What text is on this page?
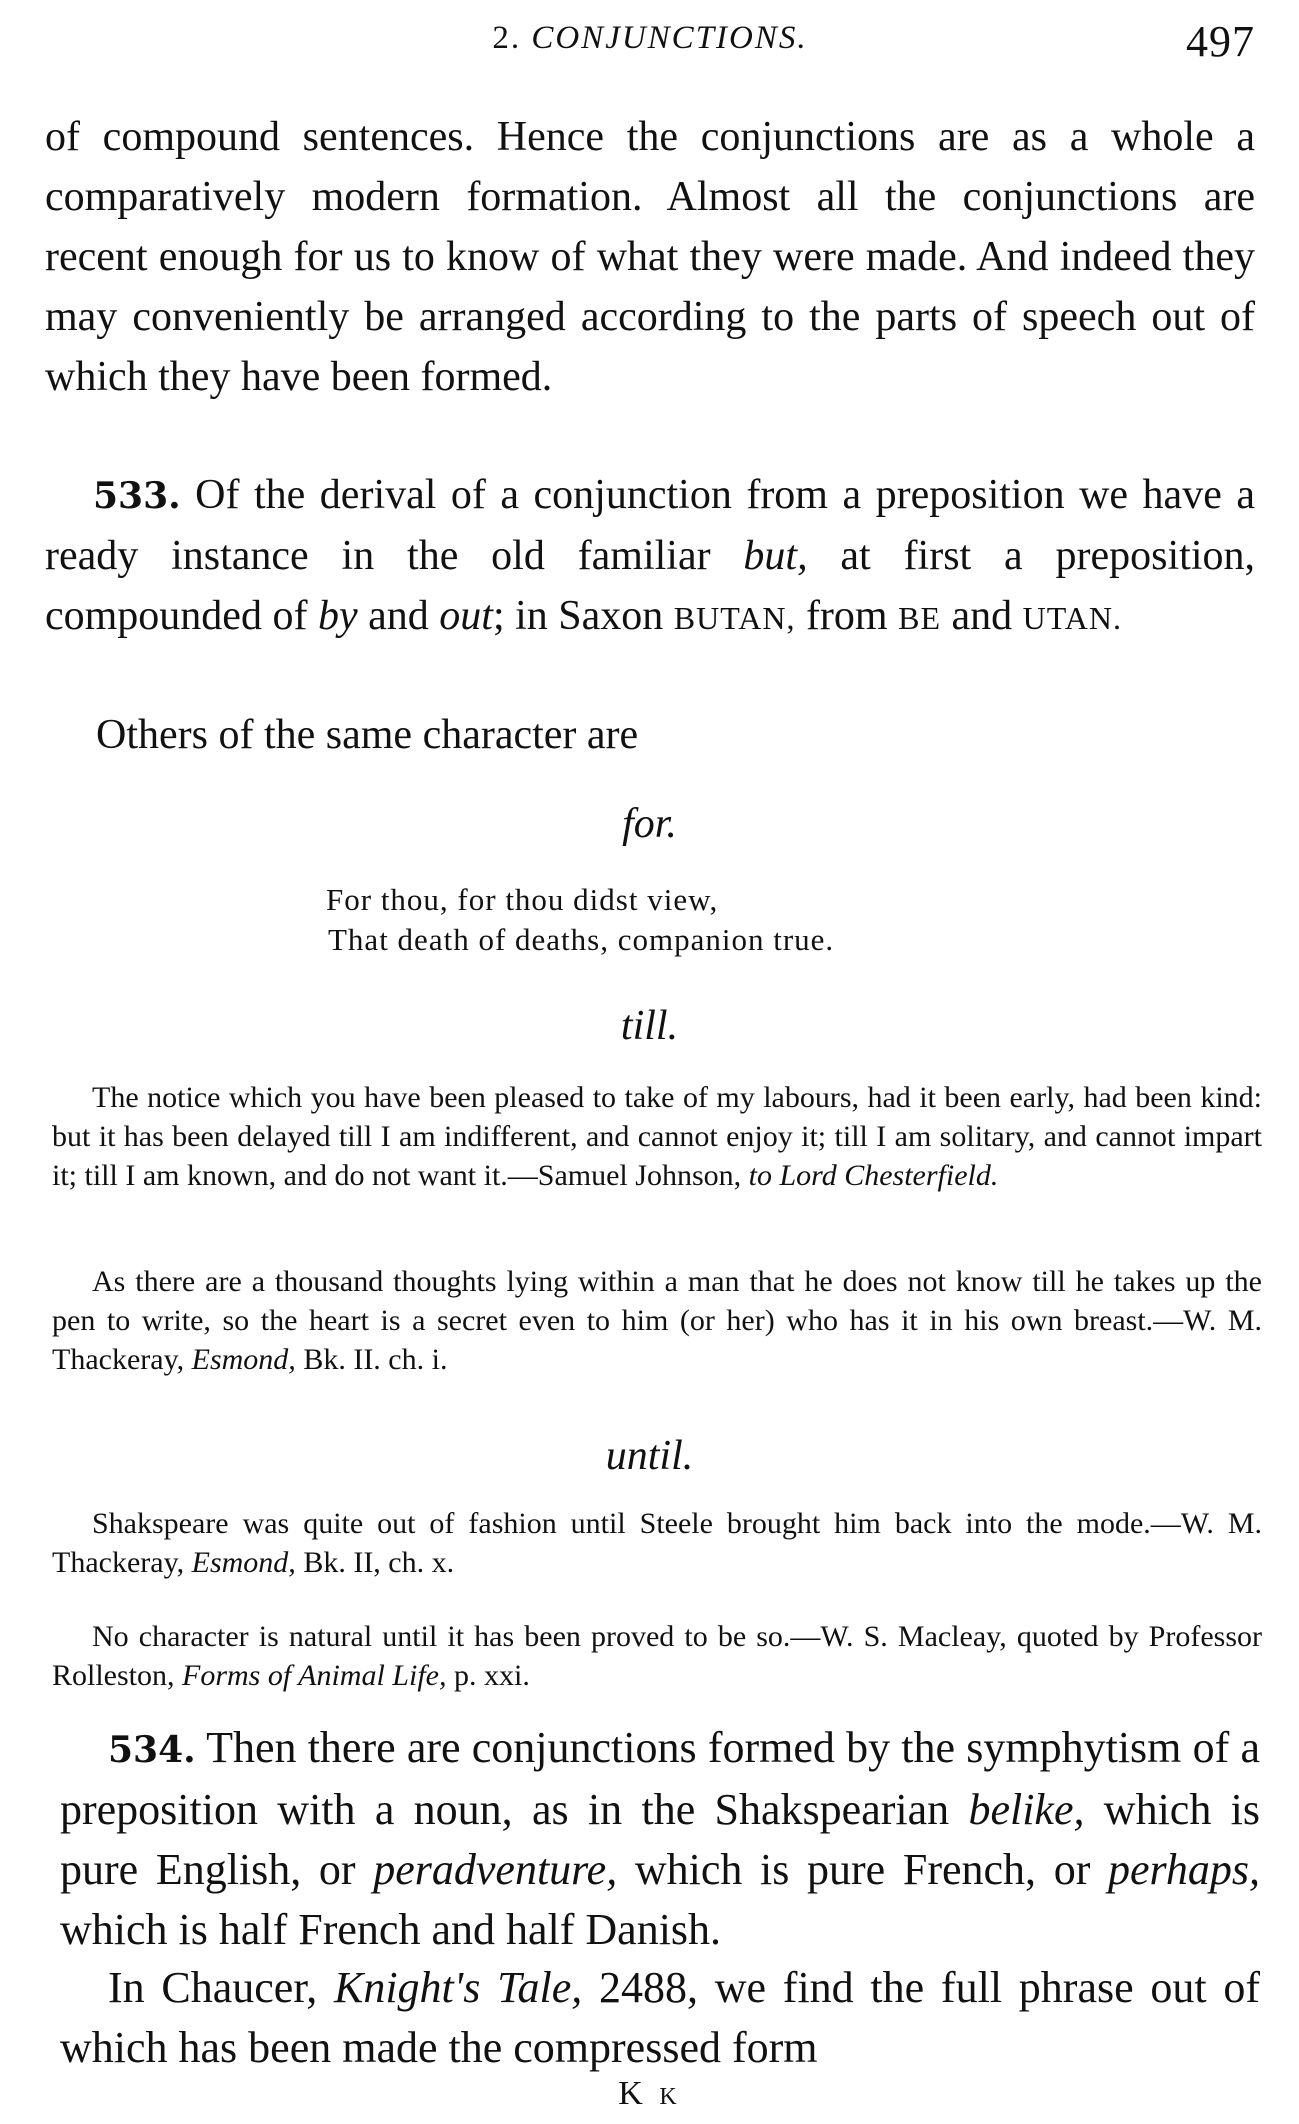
2. CONJUNCTIONS.	497

of compound sentences. Hence the conjunctions are as a whole a comparatively modern formation. Almost all the conjunctions are recent enough for us to know of what they were made. And indeed they may conveniently be arranged according to the parts of speech out of which they have been formed.

533. Of the derival of a conjunction from a preposition we have a ready instance in the old familiar but, at first a preposition, compounded of by and out; in Saxon BUTAN, from BE and UTAN.

Others of the same character are

for.

For thou, for thou didst view,
That death of deaths, companion true.

till.

The notice which you have been pleased to take of my labours, had it been early, had been kind: but it has been delayed till I am indifferent, and cannot enjoy it; till I am solitary, and cannot impart it; till I am known, and do not want it.—Samuel Johnson, to Lord Chesterfield.

As there are a thousand thoughts lying within a man that he does not know till he takes up the pen to write, so the heart is a secret even to him (or her) who has it in his own breast.—W. M. Thackeray, Esmond, Bk. II. ch. i.

until.

Shakspeare was quite out of fashion until Steele brought him back into the mode.—W. M. Thackeray, Esmond, Bk. II, ch. x.

No character is natural until it has been proved to be so.—W. S. Macleay, quoted by Professor Rolleston, Forms of Animal Life, p. xxi.

534. Then there are conjunctions formed by the symphytism of a preposition with a noun, as in the Shakspearian belike, which is pure English, or peradventure, which is pure French, or perhaps, which is half French and half Danish.

In Chaucer, Knight's Tale, 2488, we find the full phrase out of which has been made the compressed form

K k
